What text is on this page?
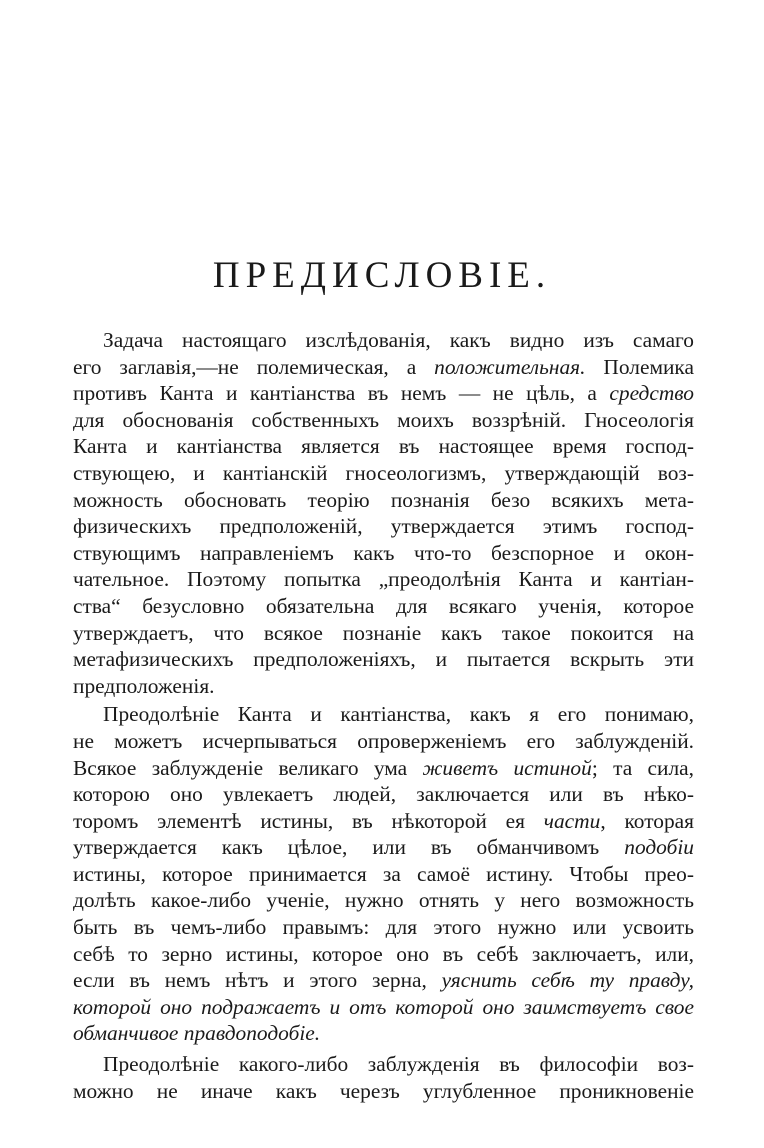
ПРЕДИСЛОВІЕ.
Задача настоящаго изслѣдованія, какъ видно изъ самаго
его заглавія,—не полемическая, а положительная. Полемика
противъ Канта и кантіанства въ немъ — не цѣль, а средство
для обоснованія собственныхъ моихъ воззрѣній. Гносеологія
Канта и кантіанства является въ настоящее время господ-
ствующею, и кантіанскій гносеологизмъ, утверждающій воз-
можность обосновать теорію познанія безо всякихъ мета-
физическихъ предположеній, утверждается этимъ господ-
ствующимъ направленіемъ какъ что-то безспорное и окон-
чательное. Поэтому попытка „преодолѣнія Канта и кантіан-
ства“ безусловно обязательна для всякаго ученія, которое
утверждаетъ, что всякое познаніе какъ такое покоится на
метафизическихъ предположеніяхъ, и пытается вскрыть эти
предположенія.
Преодолѣніе Канта и кантіанства, какъ я его понимаю,
не можетъ исчерпываться опроверженіемъ его заблужденій.
Всякое заблужденіе великаго ума живетъ истиной; та сила,
которою оно увлекаетъ людей, заключается или въ нѣко-
торомъ элементѣ истины, въ нѣкоторой ея части, которая
утверждается какъ цѣлое, или въ обманчивомъ подобіи
истины, которое принимается за самоё истину. Чтобы прео-
долѣть какое-либо ученіе, нужно отнять у него возможность
быть въ чемъ-либо правымъ: для этого нужно или усвоить
себѣ то зерно истины, которое оно въ себѣ заключаетъ, или,
если въ немъ нѣтъ и этого зерна, уяснить себѣ ту правду,
которой оно подражаетъ и отъ которой оно заимствуетъ свое
обманчивое правдоподобіе.
Преодолѣніе какого-либо заблужденія въ философіи воз-
можно не иначе какъ черезъ углубленное проникновеніе
